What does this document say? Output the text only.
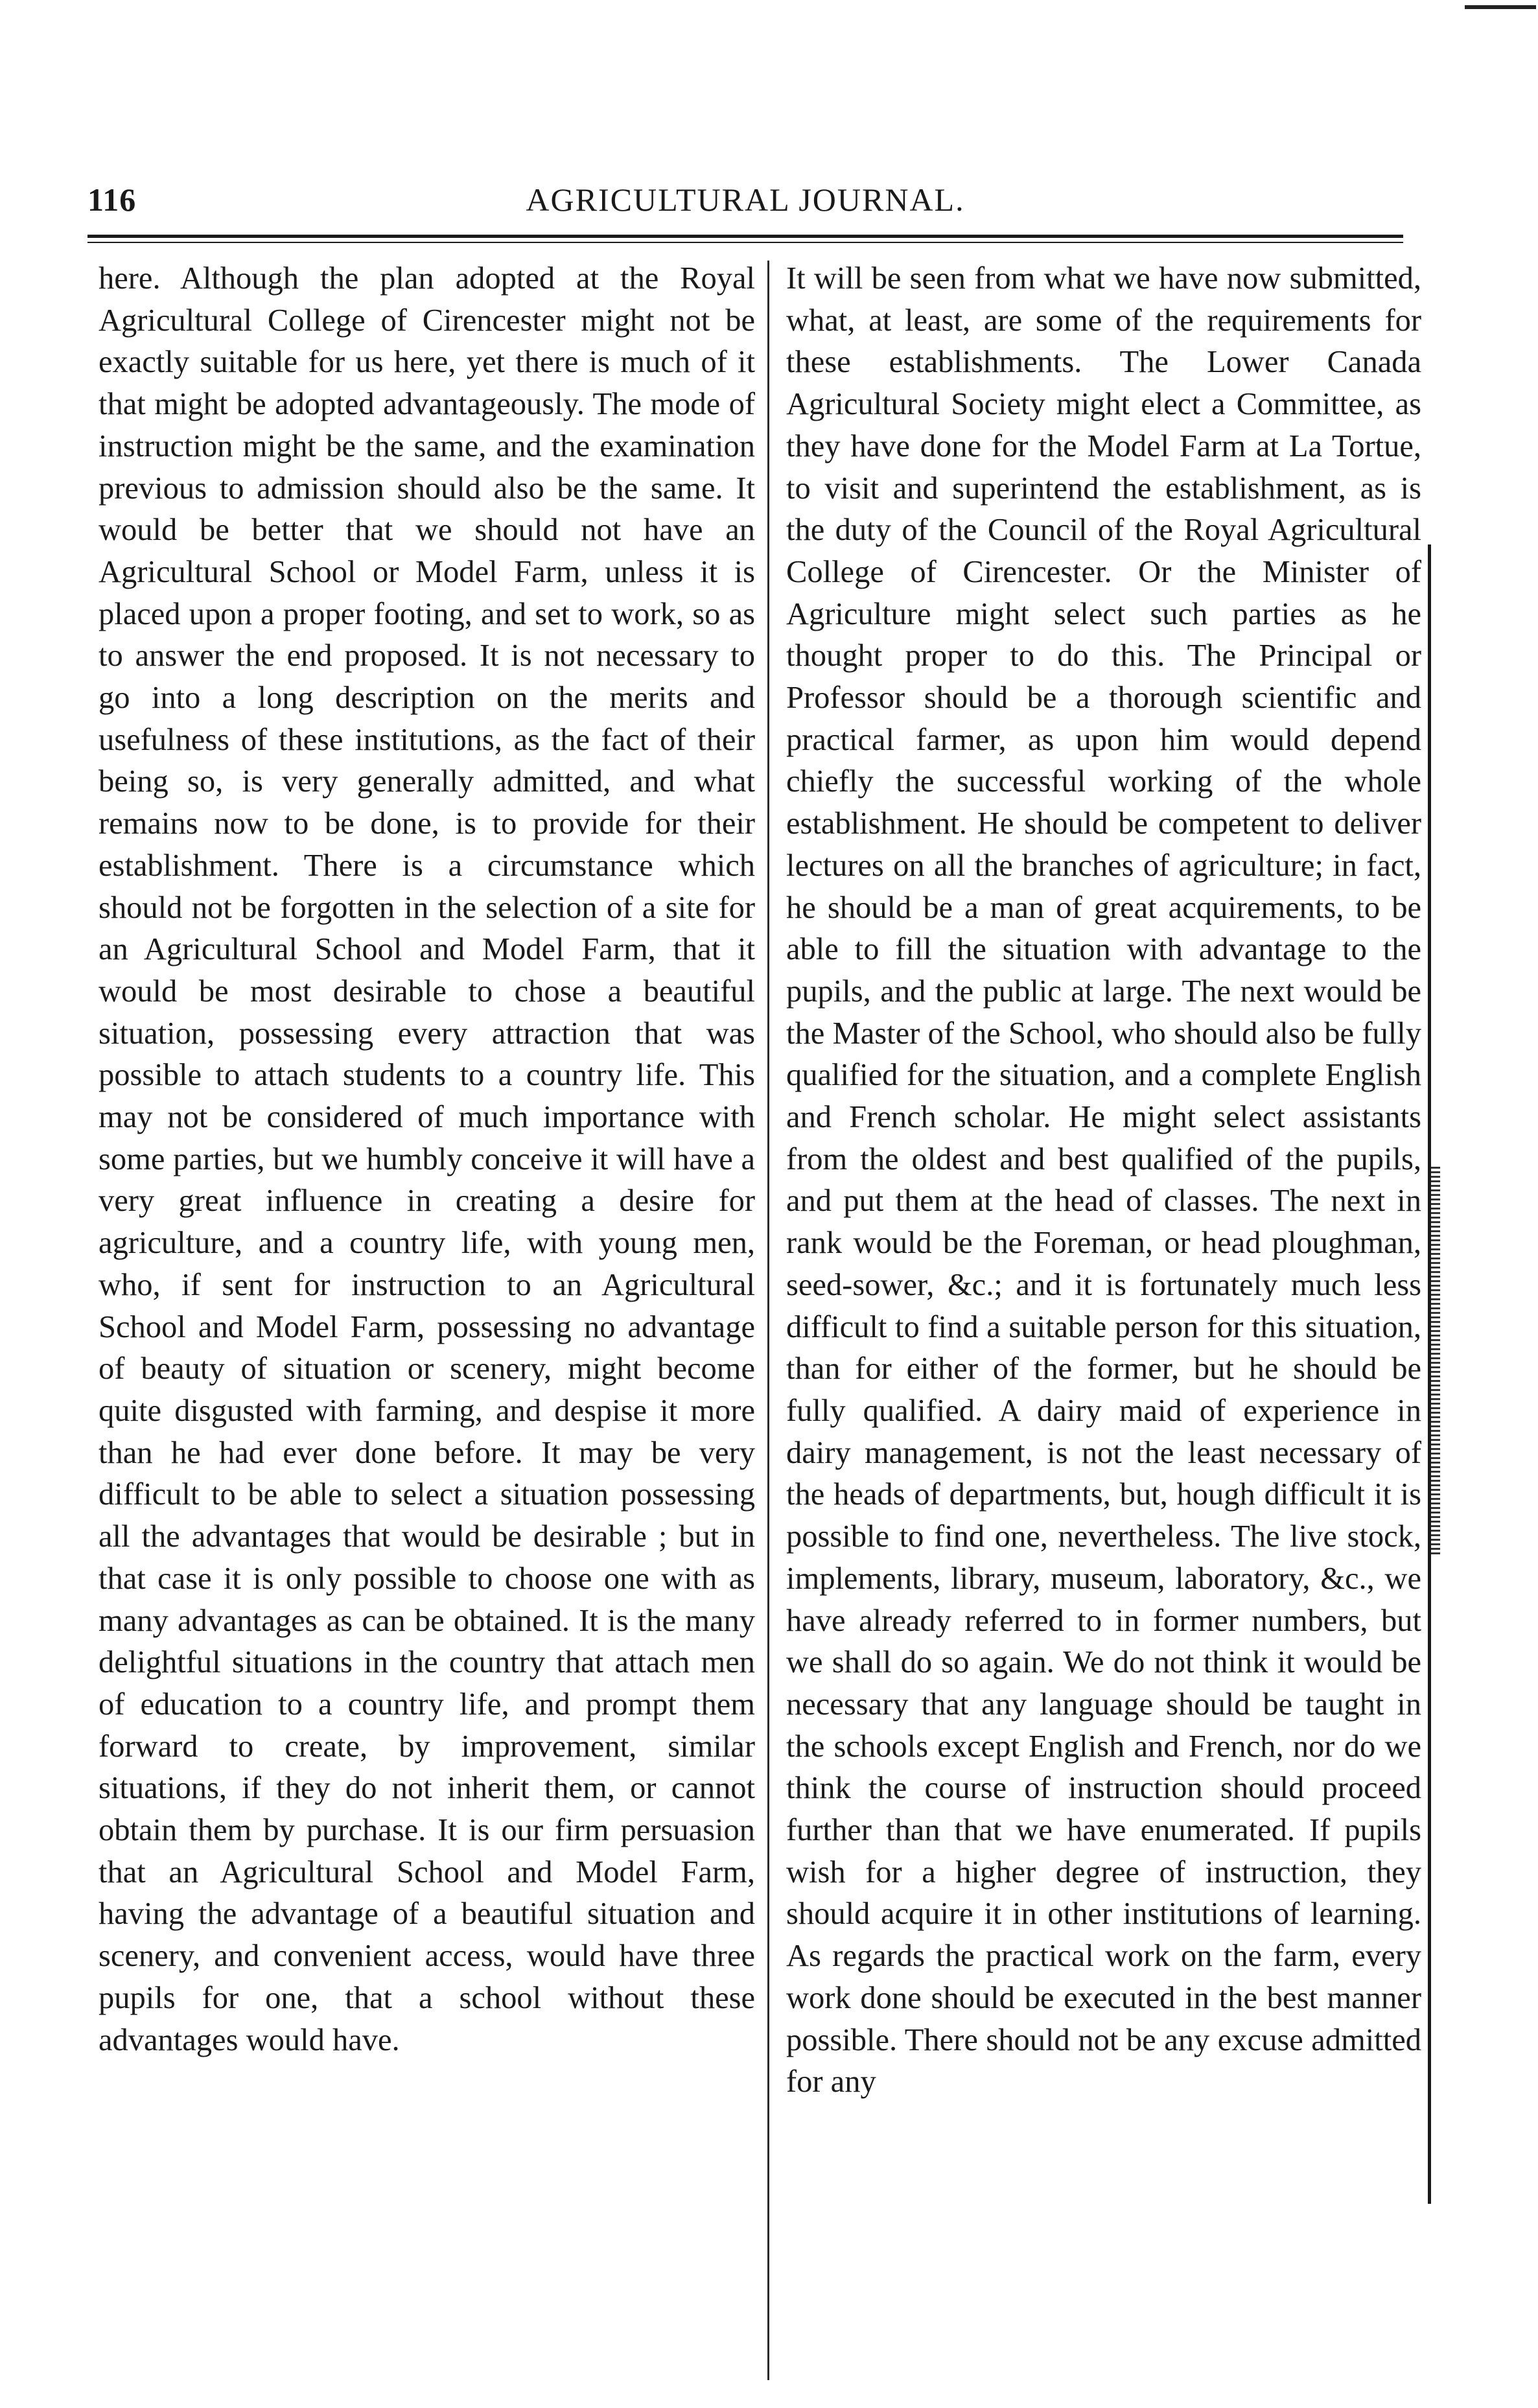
AGRICULTURAL JOURNAL.
116

here. Although the plan adopted at the Royal Agricultural College of Cirencester might not be exactly suitable for us here, yet there is much of it that might be adopted advantageously. The mode of instruction might be the same, and the examination previous to admission should also be the same. It would be better that we should not have an Agricultural School or Model Farm, unless it is placed upon a proper footing, and set to work, so as to answer the end proposed. It is not necessary to go into a long description on the merits and usefulness of these institutions, as the fact of their being so, is very generally admitted, and what remains now to be done, is to provide for their establishment. There is a circumstance which should not be forgotten in the selection of a site for an Agricultural School and Model Farm, that it would be most desirable to chose a beautiful situation, possessing every attraction that was possible to attach students to a country life. This may not be considered of much importance with some parties, but we humbly conceive it will have a very great influence in creating a desire for agriculture, and a country life, with young men, who, if sent for instruction to an Agricultural School and Model Farm, possessing no advantage of beauty of situation or scenery, might become quite disgusted with farming, and despise it more than he had ever done before. It may be very difficult to be able to select a situation possessing all the advantages that would be desirable ; but in that case it is only possible to choose one with as many advantages as can be obtained. It is the many delightful situations in the country that attach men of education to a country life, and prompt them forward to create, by improvement, similar situations, if they do not inherit them, or cannot obtain them by purchase. It is our firm persuasion that an Agricultural School and Model Farm, having the advantage of a beautiful situation and scenery, and convenient access, would have three pupils for one, that a school without these advantages would have.

It will be seen from what we have now submitted, what, at least, are some of the requirements for these establishments. The Lower Canada Agricultural Society might elect a Committee, as they have done for the Model Farm at La Tortue, to visit and superintend the establishment, as is the duty of the Council of the Royal Agricultural College of Cirencester. Or the Minister of Agriculture might select such parties as he thought proper to do this. The Principal or Professor should be a thorough scientific and practical farmer, as upon him would depend chiefly the successful working of the whole establishment. He should be competent to deliver lectures on all the branches of agriculture; in fact, he should be a man of great acquirements, to be able to fill the situation with advantage to the pupils, and the public at large. The next would be the Master of the School, who should also be fully qualified for the situation, and a complete English and French scholar. He might select assistants from the oldest and best qualified of the pupils, and put them at the head of classes. The next in rank would be the Foreman, or head ploughman, seed-sower, &c.; and it is fortunately much less difficult to find a suitable person for this situation, than for either of the former, but he should be fully qualified. A dairy maid of experience in dairy management, is not the least necessary of the heads of departments, but, hough difficult it is possible to find one, nevertheless. The live stock, implements, library, museum, laboratory, &c., we have already referred to in former numbers, but we shall do so again. We do not think it would be necessary that any language should be taught in the schools except English and French, nor do we think the course of instruction should proceed further than that we have enumerated. If pupils wish for a higher degree of instruction, they should acquire it in other institutions of learning. As regards the practical work on the farm, every work done should be executed in the best manner possible. There should not be any excuse admitted for any
